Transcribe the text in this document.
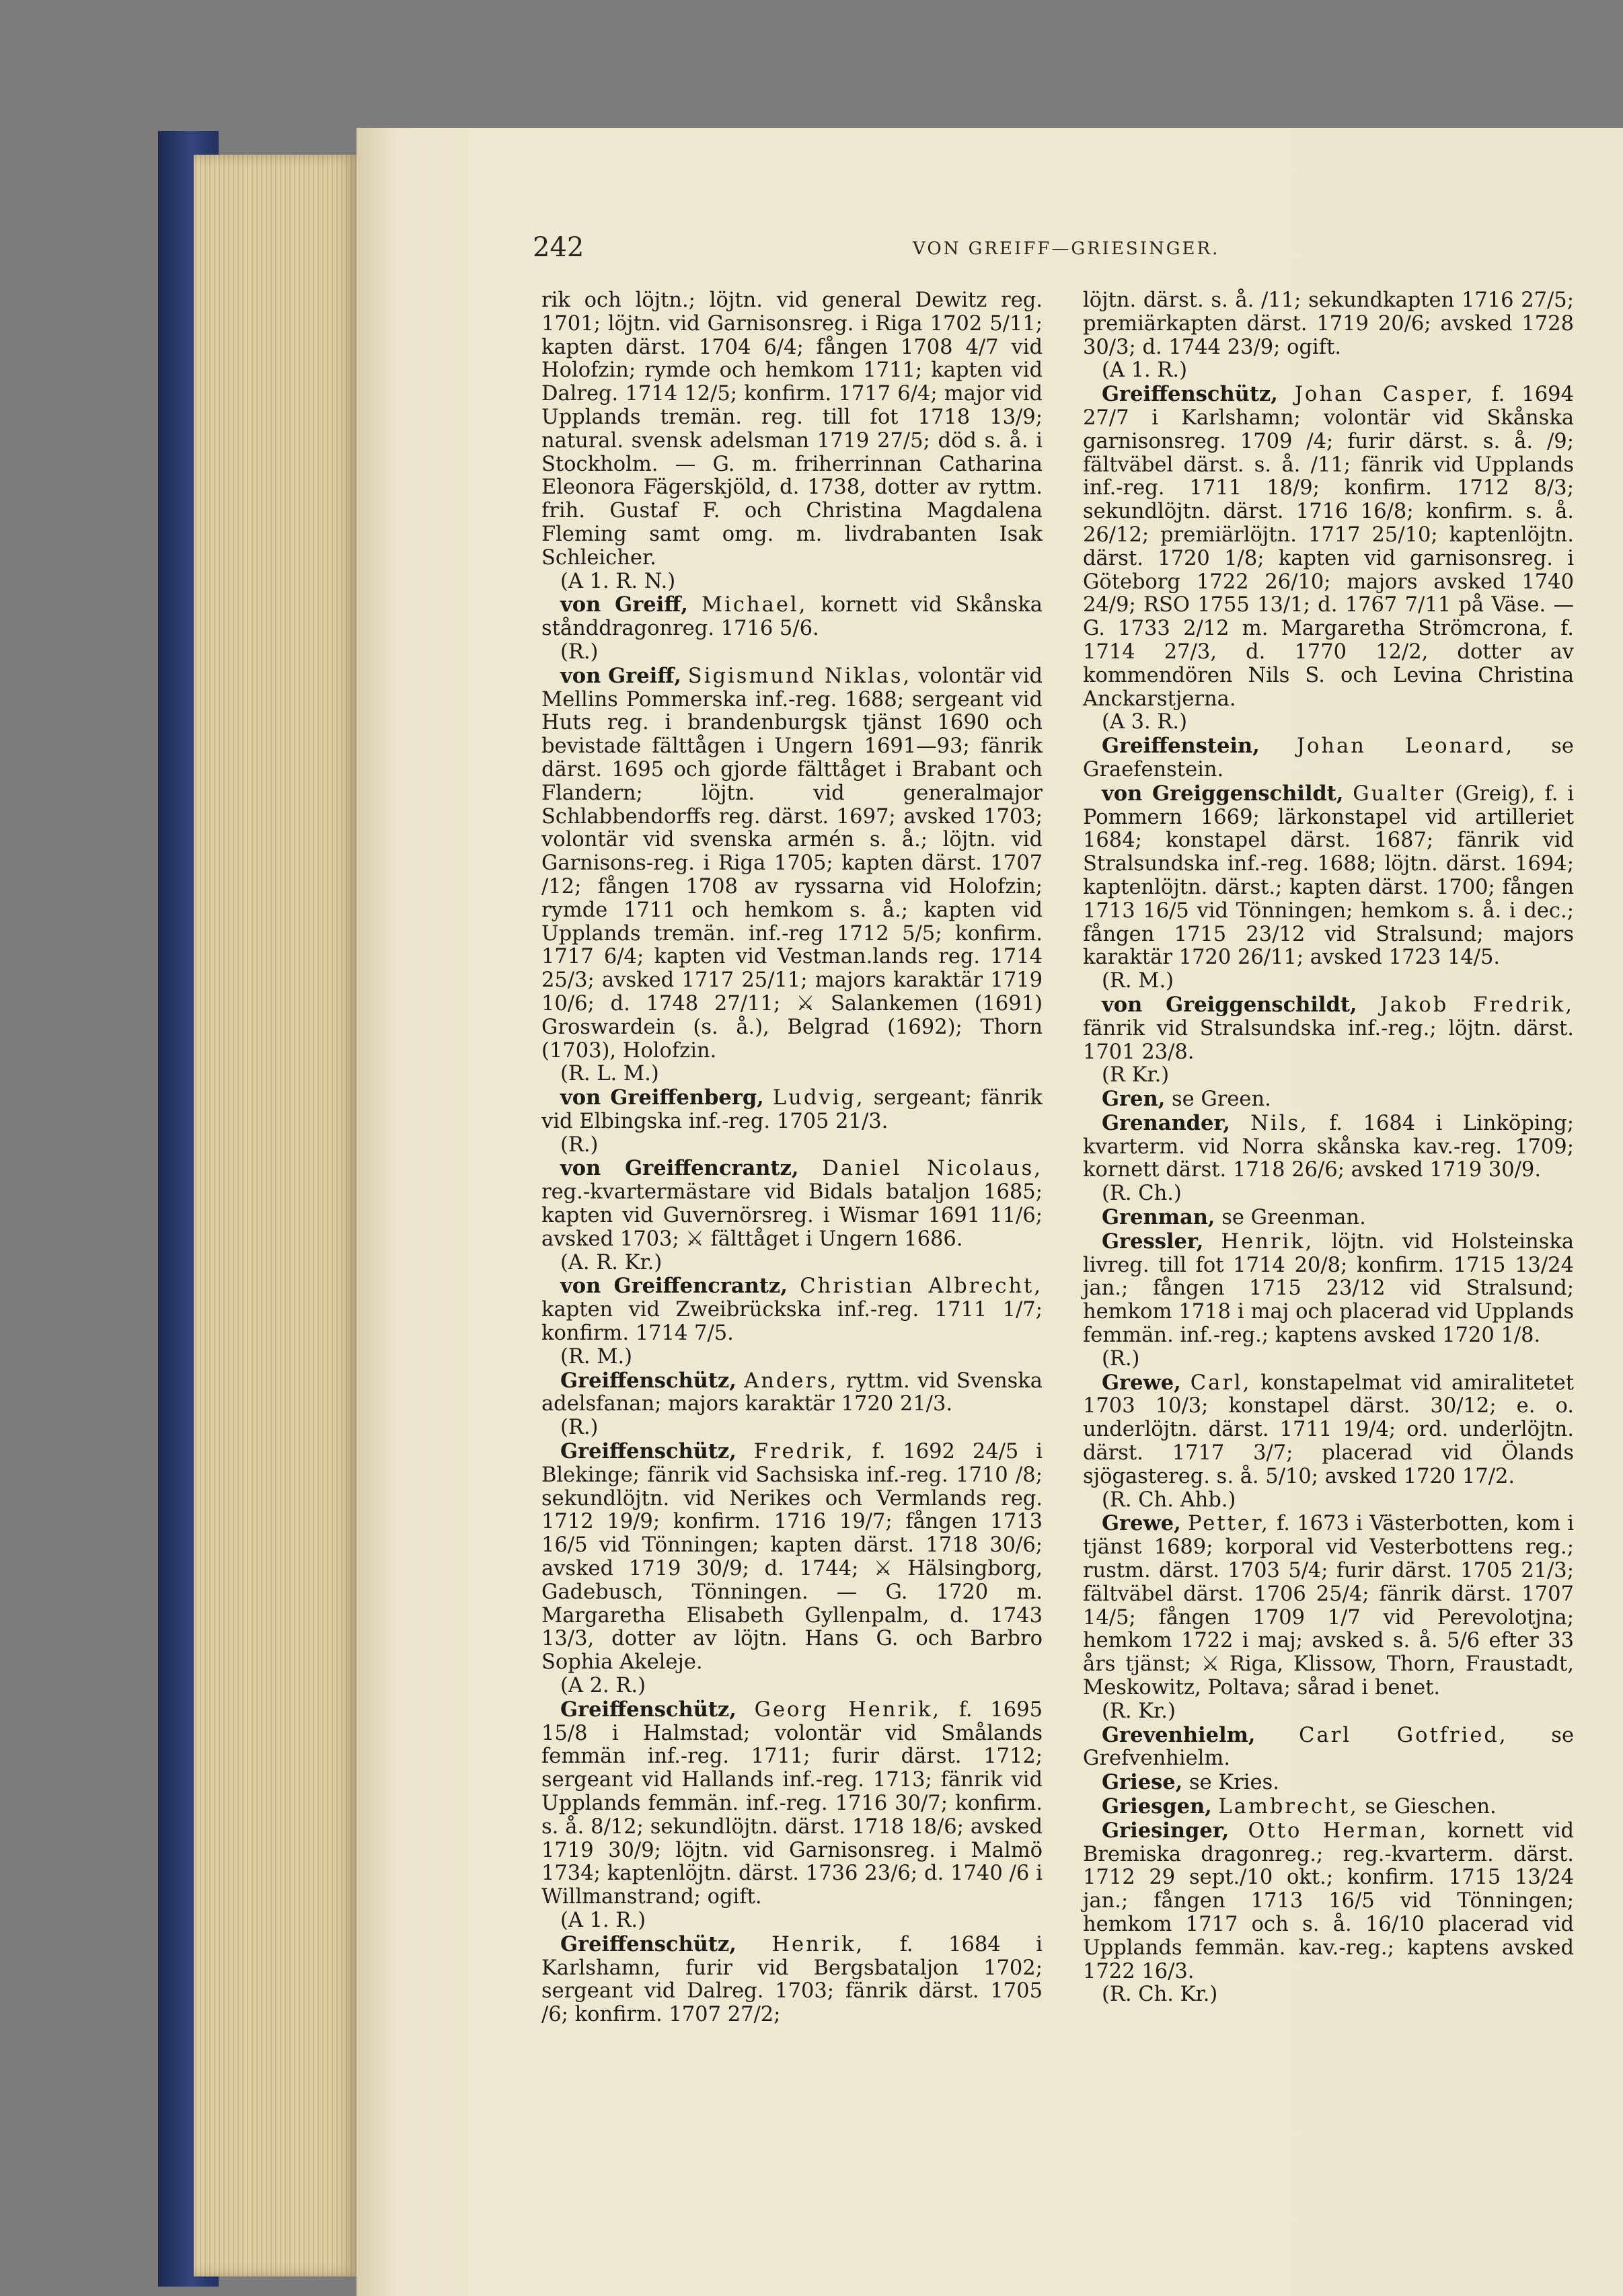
242	VON GREIFF—GRIESINGER.

rik och löjtn.; löjtn. vid general Dewitz reg. 1701; löjtn. vid Garnisonsreg. i Riga 1702 5/11; kapten därst. 1704 6/4; fången 1708 4/7 vid Holofzin; rymde och hemkom 1711; kapten vid Dalreg. 1714 12/5; konfirm. 1717 6/4; major vid Upplands tremän. reg. till fot 1718 13/9; natural. svensk adelsman 1719 27/5; död s. å. i Stockholm. — G. m. friherrinnan Catharina Eleonora Fägerskjöld, d. 1738, dotter av ryttm. frih. Gustaf F. och Christina Magdalena Fleming samt omg. m. livdrabanten Isak Schleicher.

(A 1. R. N.)

von Greiff, Michael, kornett vid Skånska stånddragonreg. 1716 5/6.

(R.)

von Greiff, Sigismund Niklas, volontär vid Mellins Pommerska inf.-reg. 1688; sergeant vid Huts reg. i brandenburgsk tjänst 1690 och bevistade fälttågen i Ungern 1691—93; fänrik därst. 1695 och gjorde fälttåget i Brabant och Flandern; löjtn. vid generalmajor Schlabbendorffs reg. därst. 1697; avsked 1703; volontär vid svenska armén s. å.; löjtn. vid Garnisons-reg. i Riga 1705; kapten därst. 1707 /12; fången 1708 av ryssarna vid Holofzin; rymde 1711 och hemkom s. å.; kapten vid Upplands tremän. inf.-reg 1712 5/5; konfirm. 1717 6/4; kapten vid Vestman.lands reg. 1714 25/3; avsked 1717 25/11; majors karaktär 1719 10/6; d. 1748 27/11; ⚔ Salankemen (1691) Groswardein (s. å.), Belgrad (1692); Thorn (1703), Holofzin.

(R. L. M.)

von Greiffenberg, Ludvig, sergeant; fänrik vid Elbingska inf.-reg. 1705 21/3.

(R.)

von Greiffencrantz, Daniel Nicolaus, reg.-kvartermästare vid Bidals bataljon 1685; kapten vid Guvernörsreg. i Wismar 1691 11/6; avsked 1703; ⚔ fälttåget i Ungern 1686.

(A. R. Kr.)

von Greiffencrantz, Christian Albrecht, kapten vid Zweibrückska inf.-reg. 1711 1/7; konfirm. 1714 7/5.

(R. M.)

Greiffenschütz, Anders, ryttm. vid Svenska adelsfanan; majors karaktär 1720 21/3.

(R.)

Greiffenschütz, Fredrik, f. 1692 24/5 i Blekinge; fänrik vid Sachsiska inf.-reg. 1710 /8; sekundlöjtn. vid Nerikes och Vermlands reg. 1712 19/9; konfirm. 1716 19/7; fången 1713 16/5 vid Tönningen; kapten därst. 1718 30/6; avsked 1719 30/9; d. 1744; ⚔ Hälsingborg, Gadebusch, Tönningen. — G. 1720 m. Margaretha Elisabeth Gyllenpalm, d. 1743 13/3, dotter av löjtn. Hans G. och Barbro Sophia Akeleje.

(A 2. R.)

Greiffenschütz, Georg Henrik, f. 1695 15/8 i Halmstad; volontär vid Smålands femmän inf.-reg. 1711; furir därst. 1712; sergeant vid Hallands inf.-reg. 1713; fänrik vid Upplands femmän. inf.-reg. 1716 30/7; konfirm. s. å. 8/12; sekundlöjtn. därst. 1718 18/6; avsked 1719 30/9; löjtn. vid Garnisonsreg. i Malmö 1734; kaptenlöjtn. därst. 1736 23/6; d. 1740 /6 i Willmanstrand; ogift.

(A 1. R.)

Greiffenschütz, Henrik, f. 1684 i Karlshamn, furir vid Bergsbataljon 1702; sergeant vid Dalreg. 1703; fänrik därst. 1705 /6; konfirm. 1707 27/2;

löjtn. därst. s. å. /11; sekundkapten 1716 27/5; premiärkapten därst. 1719 20/6; avsked 1728 30/3; d. 1744 23/9; ogift.

(A 1. R.)

Greiffenschütz, Johan Casper, f. 1694 27/7 i Karlshamn; volontär vid Skånska garnisonsreg. 1709 /4; furir därst. s. å. /9; fältväbel därst. s. å. /11; fänrik vid Upplands inf.-reg. 1711 18/9; konfirm. 1712 8/3; sekundlöjtn. därst. 1716 16/8; konfirm. s. å. 26/12; premiärlöjtn. 1717 25/10; kaptenlöjtn. därst. 1720 1/8; kapten vid garnisonsreg. i Göteborg 1722 26/10; majors avsked 1740 24/9; RSO 1755 13/1; d. 1767 7/11 på Väse. — G. 1733 2/12 m. Margaretha Strömcrona, f. 1714 27/3, d. 1770 12/2, dotter av kommendören Nils S. och Levina Christina Anckarstjerna.

(A 3. R.)

Greiffenstein, Johan Leonard, se Graefenstein.

von Greiggenschildt, Gualter (Greig), f. i Pommern 1669; lärkonstapel vid artilleriet 1684; konstapel därst. 1687; fänrik vid Stralsundska inf.-reg. 1688; löjtn. därst. 1694; kaptenlöjtn. därst.; kapten därst. 1700; fången 1713 16/5 vid Tönningen; hemkom s. å. i dec.; fången 1715 23/12 vid Stralsund; majors karaktär 1720 26/11; avsked 1723 14/5.

(R. M.)

von Greiggenschildt, Jakob Fredrik, fänrik vid Stralsundska inf.-reg.; löjtn. därst. 1701 23/8.

(R Kr.)

Gren, se Green.

Grenander, Nils, f. 1684 i Linköping; kvarterm. vid Norra skånska kav.-reg. 1709; kornett därst. 1718 26/6; avsked 1719 30/9.

(R. Ch.)

Grenman, se Greenman.

Gressler, Henrik, löjtn. vid Holsteinska livreg. till fot 1714 20/8; konfirm. 1715 13/24 jan.; fången 1715 23/12 vid Stralsund; hemkom 1718 i maj och placerad vid Upplands femmän. inf.-reg.; kaptens avsked 1720 1/8.

(R.)

Grewe, Carl, konstapelmat vid amiralitetet 1703 10/3; konstapel därst. 30/12; e. o. underlöjtn. därst. 1711 19/4; ord. underlöjtn. därst. 1717 3/7; placerad vid Ölands sjögastereg. s. å. 5/10; avsked 1720 17/2.

(R. Ch. Ahb.)

Grewe, Petter, f. 1673 i Västerbotten, kom i tjänst 1689; korporal vid Vesterbottens reg.; rustm. därst. 1703 5/4; furir därst. 1705 21/3; fältväbel därst. 1706 25/4; fänrik därst. 1707 14/5; fången 1709 1/7 vid Perevolotjna; hemkom 1722 i maj; avsked s. å. 5/6 efter 33 års tjänst; ⚔ Riga, Klissow, Thorn, Fraustadt, Meskowitz, Poltava; sårad i benet.

(R. Kr.)

Grevenhielm, Carl Gotfried, se Grefvenhielm.

Griese, se Kries.

Griesgen, Lambrecht, se Gieschen.

Griesinger, Otto Herman, kornett vid Bremiska dragonreg.; reg.-kvarterm. därst. 1712 29 sept./10 okt.; konfirm. 1715 13/24 jan.; fången 1713 16/5 vid Tönningen; hemkom 1717 och s. å. 16/10 placerad vid Upplands femmän. kav.-reg.; kaptens avsked 1722 16/3.

(R. Ch. Kr.)
